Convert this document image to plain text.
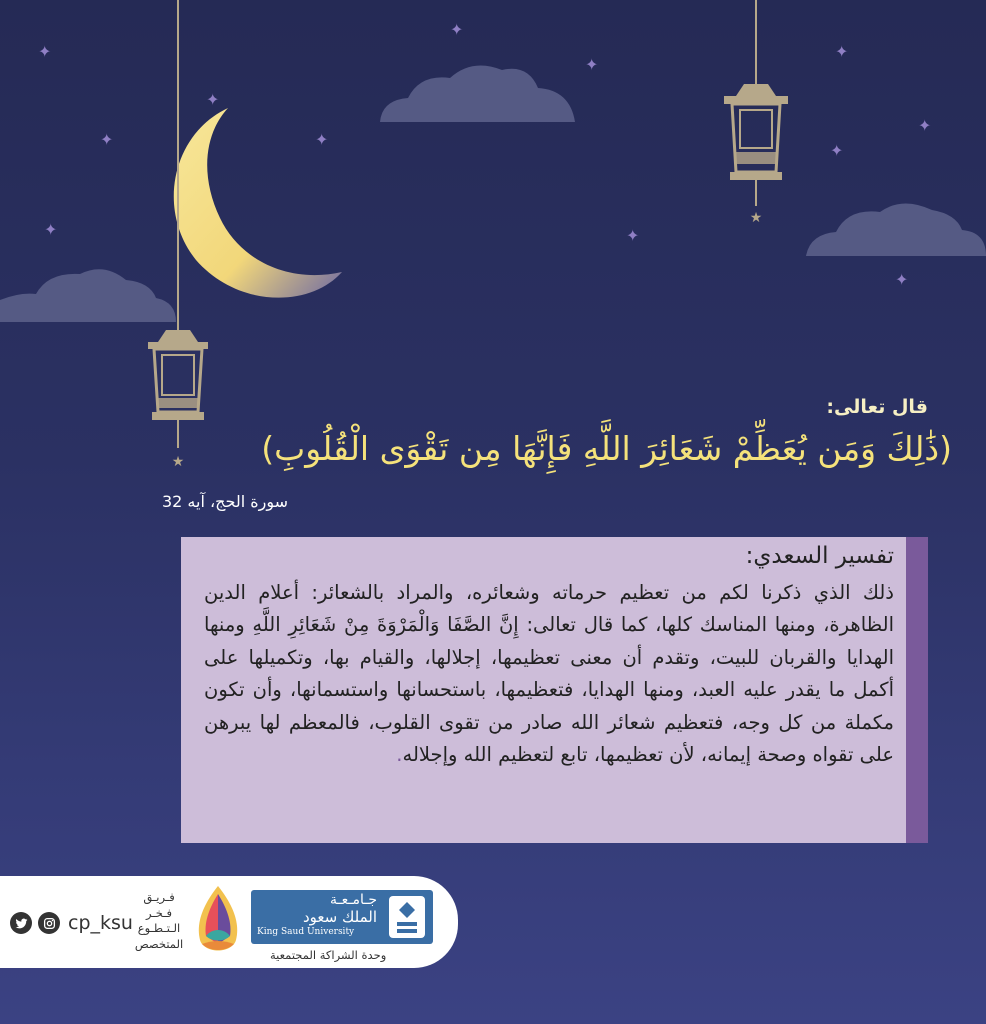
✦
✦
✦
✦
✦
✦
✦
✦
✦
✦
✦
✦
★
★
قال تعالى:
(ذَٰلِكَ وَمَن يُعَظِّمْ شَعَائِرَ اللَّهِ فَإِنَّهَا مِن تَقْوَى الْقُلُوبِ)
سورة الحج، آيه 32
تفسير السعدي:
ذلك الذي ذكرنا لكم من تعظيم حرماته وشعائره، والمراد بالشعائر: أعلام الدين الظاهرة، ومنها المناسك كلها، كما قال تعالى: إِنَّ الصَّفَا وَالْمَرْوَةَ مِنْ شَعَائِرِ اللَّهِ ومنها الهدايا والقربان للبيت، وتقدم أن معنى تعظيمها، إجلالها، والقيام بها، وتكميلها على أكمل ما يقدر عليه العبد، ومنها الهدايا، فتعظيمها، باستحسانها واستسمانها، وأن تكون مكملة من كل وجه، فتعظيم شعائر الله صادر من تقوى القلوب، فالمعظم لها يبرهن على تقواه وصحة إيمانه، لأن تعظيمها، تابع لتعظيم الله وإجلاله.
cp_ksu
فـريـق
فـخـر
الـتـطـوع
المتخصص
جـامـعـة
الملك سعود
King Saud University
وحدة الشراكة المجتمعية
